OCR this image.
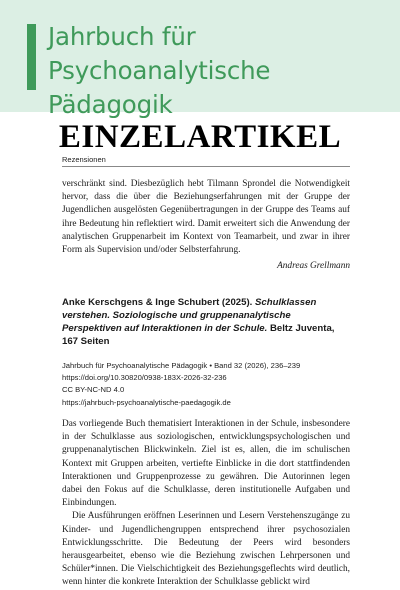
Jahrbuch für
Psychoanalytische Pädagogik
EINZELARTIKEL
Rezensionen

verschränkt sind. Diesbezüglich hebt Tilmann Sprondel die Notwendigkeit hervor, dass die über die Beziehungserfahrungen mit der Gruppe der Jugendlichen ausgelösten Gegenübertragungen in der Gruppe des Teams auf ihre Bedeutung hin reflektiert wird. Damit erweitert sich die Anwendung der analytischen Gruppenarbeit im Kontext von Teamarbeit, und zwar in ihrer Form als Supervision und/oder Selbsterfahrung.

Andreas Grellmann
Anke Kerschgens & Inge Schubert (2025). Schulklassen verstehen. Soziologische und gruppenanalytische Perspektiven auf Interaktionen in der Schule. Beltz Juventa, 167 Seiten
Jahrbuch für Psychoanalytische Pädagogik • Band 32 (2026), 236–239
https://doi.org/10.30820/0938-183X-2026-32-236
CC BY-NC-ND 4.0
https://jahrbuch-psychoanalytische-paedagogik.de

Das vorliegende Buch thematisiert Interaktionen in der Schule, insbesondere in der Schulklasse aus soziologischen, entwicklungspsychologischen und gruppenanalytischen Blickwinkeln. Ziel ist es, allen, die im schulischen Kontext mit Gruppen arbeiten, vertiefte Einblicke in die dort stattfindenden Interaktionen und Gruppenprozesse zu gewähren. Die Autorinnen legen dabei den Fokus auf die Schulklasse, deren institutionelle Aufgaben und Einbindungen.

Die Ausführungen eröffnen Leserinnen und Lesern Verstehenszugänge zu Kinder- und Jugendlichengruppen entsprechend ihrer psychosozialen Entwicklungsschritte. Die Bedeutung der Peers wird besonders herausgearbeitet, ebenso wie die Beziehung zwischen Lehrpersonen und Schüler*innen. Die Vielschichtigkeit des Beziehungsgeflechts wird deutlich, wenn hinter die konkrete Interaktion der Schulklasse geblickt wird
